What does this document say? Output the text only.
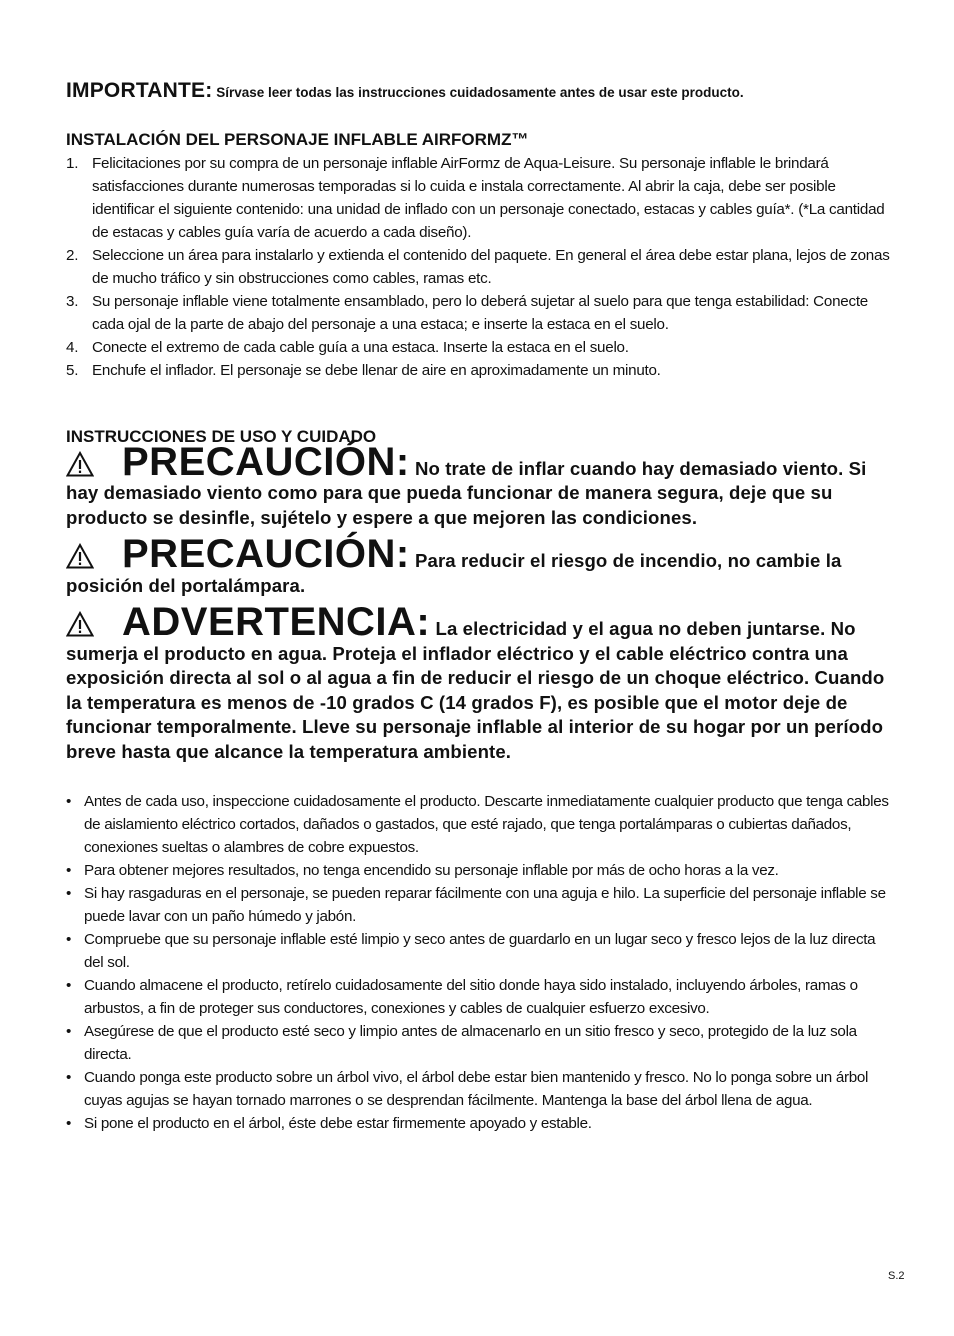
IMPORTANTE: Sírvase leer todas las instrucciones cuidadosamente antes de usar este producto.

INSTALACIÓN DEL PERSONAJE INFLABLE AIRFORMZ™
1. Felicitaciones por su compra de un personaje inflable AirFormz de Aqua-Leisure. Su personaje inflable le brindará satisfacciones durante numerosas temporadas si lo cuida e instala correctamente. Al abrir la caja, debe ser posible identificar el siguiente contenido: una unidad de inflado con un personaje conectado, estacas y cables guía*. (*La cantidad de estacas y cables guía varía de acuerdo a cada diseño).
2. Seleccione un área para instalarlo y extienda el contenido del paquete. En general el área debe estar plana, lejos de zonas de mucho tráfico y sin obstrucciones como cables, ramas etc.
3. Su personaje inflable viene totalmente ensamblado, pero lo deberá sujetar al suelo para que tenga estabilidad: Conecte cada ojal de la parte de abajo del personaje a una estaca; e inserte la estaca en el suelo.
4. Conecte el extremo de cada cable guía a una estaca. Inserte la estaca en el suelo.
5. Enchufe el inflador. El personaje se debe llenar de aire en aproximadamente un minuto.
INSTRUCCIONES DE USO Y CUIDADO

PRECAUCIÓN: No trate de inflar cuando hay demasiado viento. Si hay demasiado viento como para que pueda funcionar de manera segura, deje que su producto se desinfle, sujételo y espere a que mejoren las condiciones.

PRECAUCIÓN: Para reducir el riesgo de incendio, no cambie la posición del portalámpara.

ADVERTENCIA: La electricidad y el agua no deben juntarse. No sumerja el producto en agua. Proteja el inflador eléctrico y el cable eléctrico contra una exposición directa al sol o al agua a fin de reducir el riesgo de un choque eléctrico. Cuando la temperatura es menos de -10 grados C (14 grados F), es posible que el motor deje de funcionar temporalmente. Lleve su personaje inflable al interior de su hogar por un período breve hasta que alcance la temperatura ambiente.

• Antes de cada uso, inspeccione cuidadosamente el producto. Descarte inmediatamente cualquier producto que tenga cables de aislamiento eléctrico cortados, dañados o gastados, que esté rajado, que tenga portalámparas o cubiertas dañados, conexiones sueltas o alambres de cobre expuestos.
• Para obtener mejores resultados, no tenga encendido su personaje inflable por más de ocho horas a la vez.
• Si hay rasgaduras en el personaje, se pueden reparar fácilmente con una aguja e hilo. La superficie del personaje inflable se puede lavar con un paño húmedo y jabón.
• Compruebe que su personaje inflable esté limpio y seco antes de guardarlo en un lugar seco y fresco lejos de la luz directa del sol.
• Cuando almacene el producto, retírelo cuidadosamente del sitio donde haya sido instalado, incluyendo árboles, ramas o arbustos, a fin de proteger sus conductores, conexiones y cables de cualquier esfuerzo excesivo.
• Asegúrese de que el producto esté seco y limpio antes de almacenarlo en un sitio fresco y seco, protegido de la luz sola directa.
• Cuando ponga este producto sobre un árbol vivo, el árbol debe estar bien mantenido y fresco. No lo ponga sobre un árbol cuyas agujas se hayan tornado marrones o se desprendan fácilmente. Mantenga la base del árbol llena de agua.
• Si pone el producto en el árbol, éste debe estar firmemente apoyado y estable.
S.2
